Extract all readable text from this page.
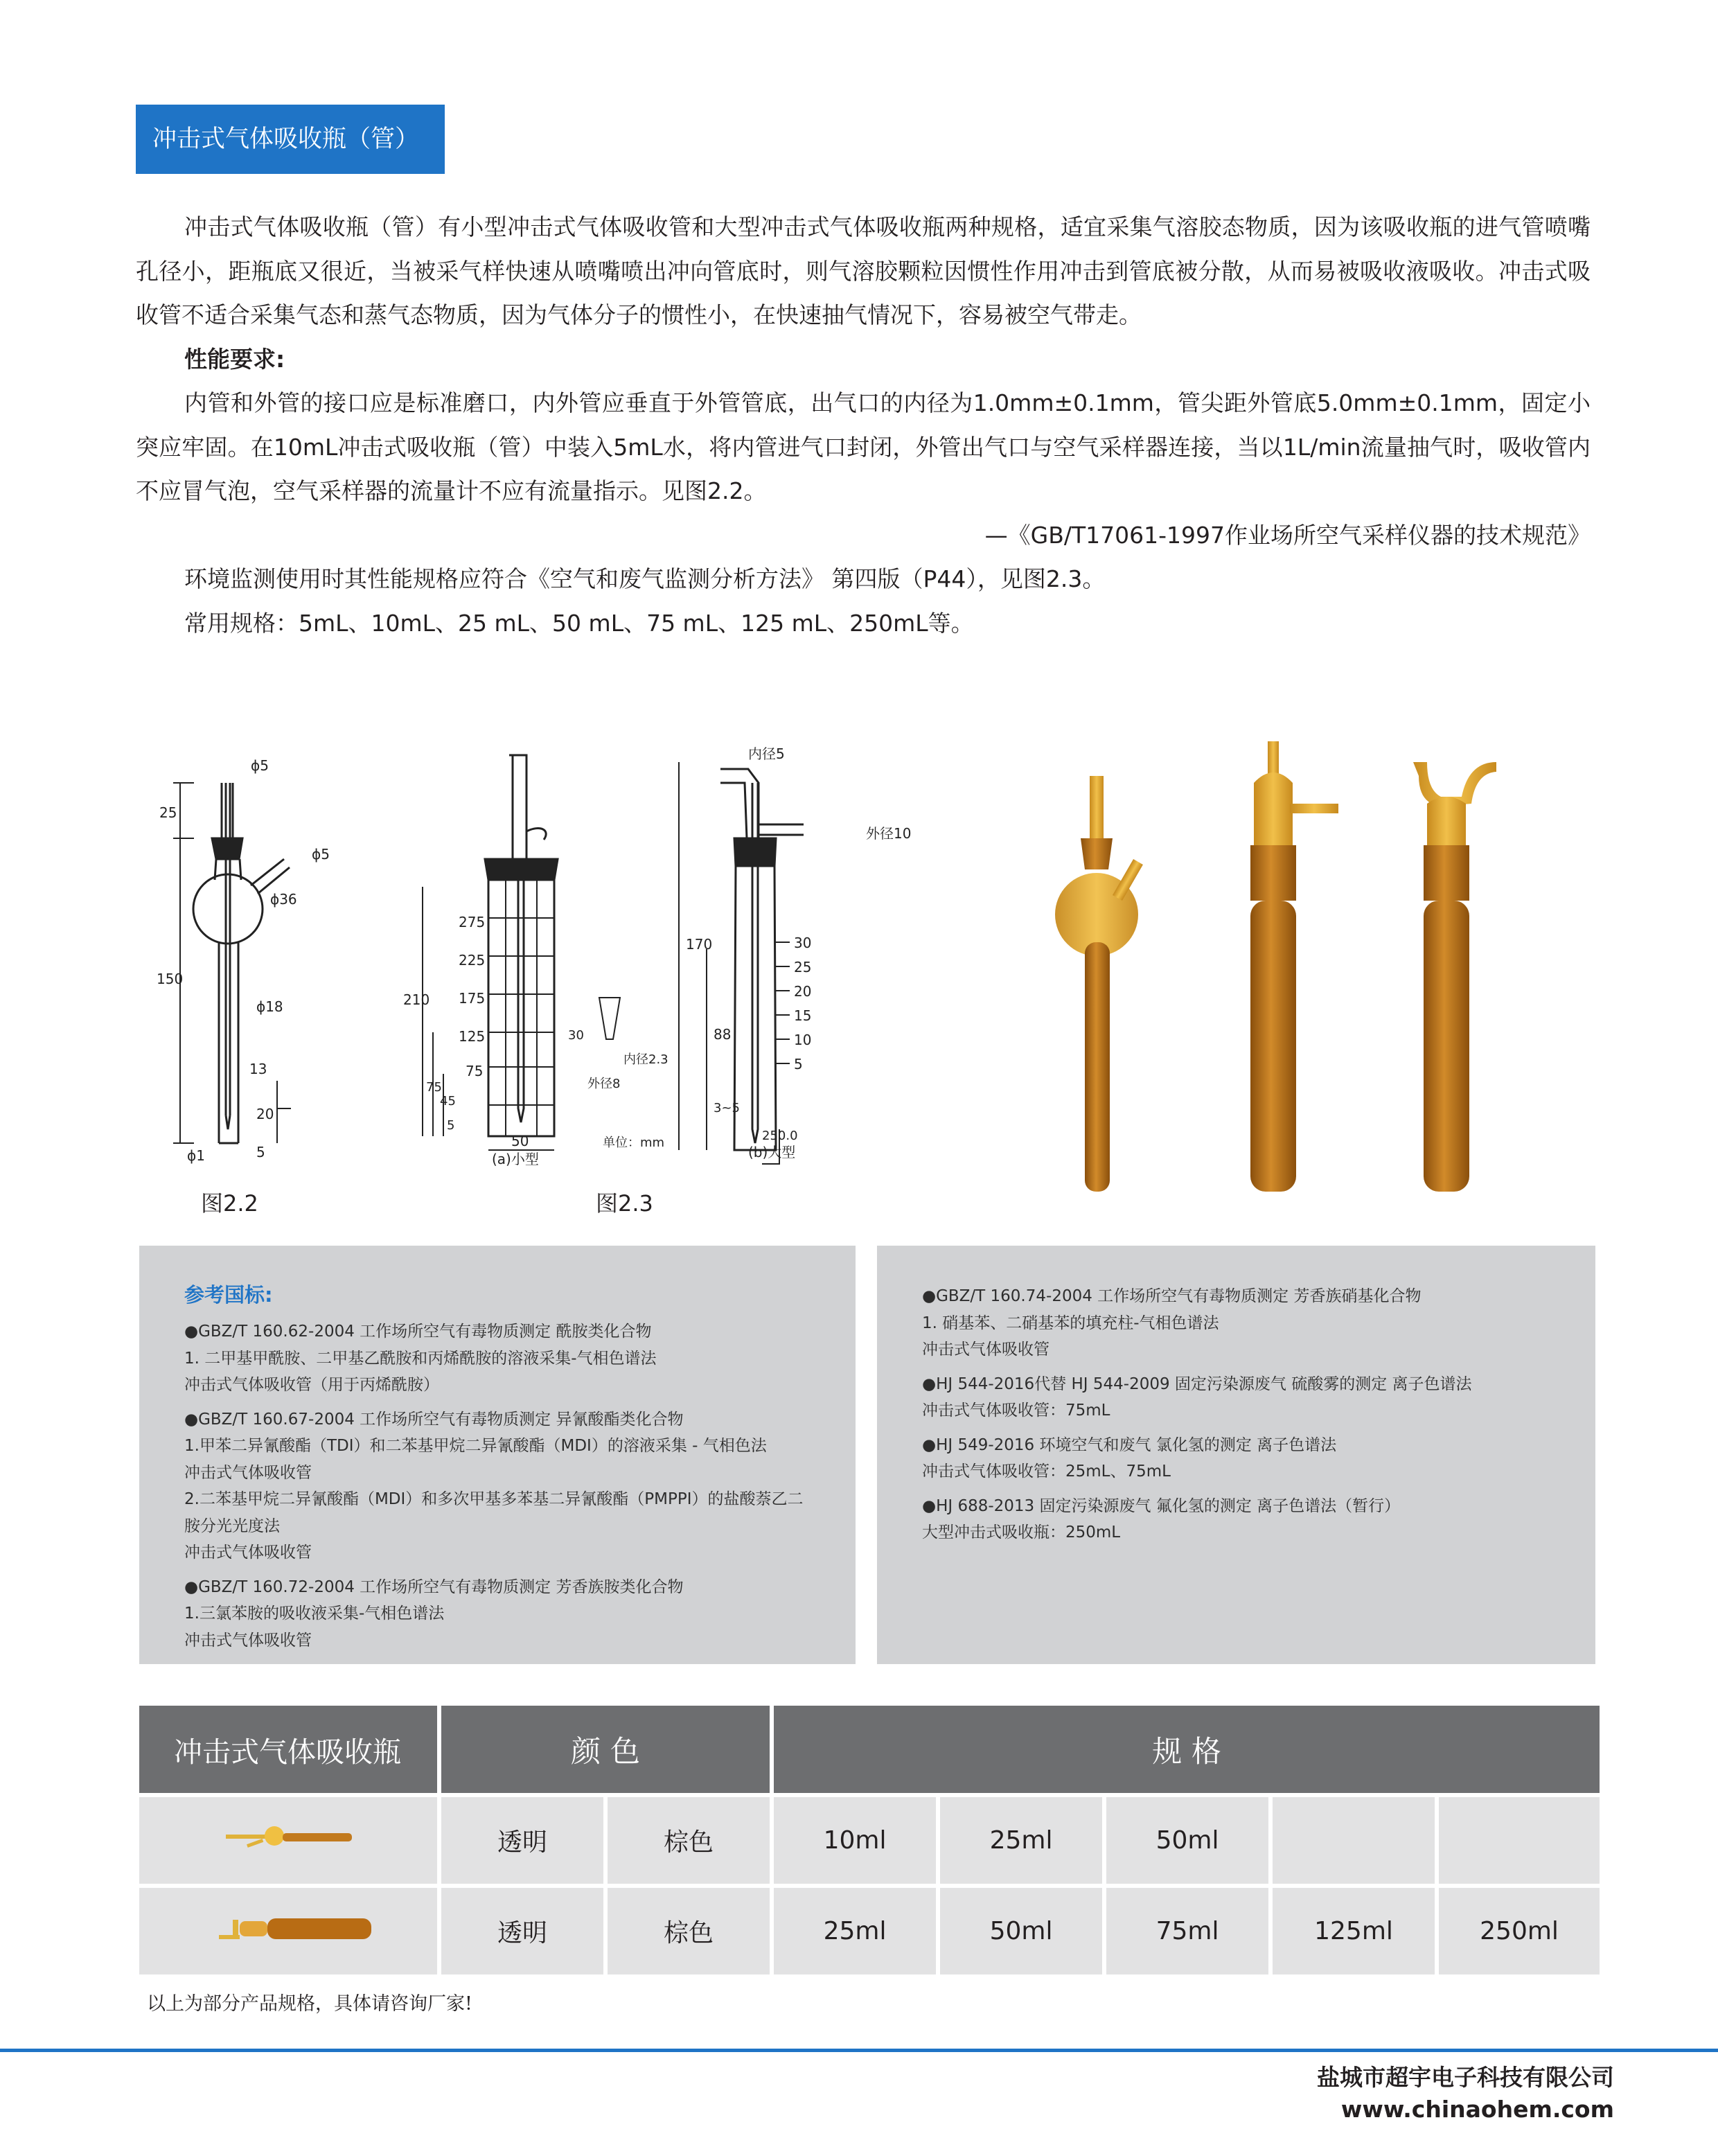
冲击式气体吸收瓶（管）

冲击式气体吸收瓶（管）有小型冲击式气体吸收管和大型冲击式气体吸收瓶两种规格，适宜采集气溶胶态物质，因为该吸收瓶的进气管喷嘴孔径小，距瓶底又很近，当被采气样快速从喷嘴喷出冲向管底时，则气溶胶颗粒因惯性作用冲击到管底被分散，从而易被吸收液吸收。冲击式吸收管不适合采集气态和蒸气态物质，因为气体分子的惯性小，在快速抽气情况下，容易被空气带走。

性能要求:

内管和外管的接口应是标准磨口，内外管应垂直于外管管底，出气口的内径为1.0mm±0.1mm，管尖距外管底5.0mm±0.1mm，固定小突应牢固。在10mL冲击式吸收瓶（管）中装入5mL水，将内管进气口封闭，外管出气口与空气采样器连接，当以1L/min流量抽气时，吸收管内不应冒气泡，空气采样器的流量计不应有流量指示。见图2.2。

—《GB/T17061-1997作业场所空气采样仪器的技术规范》

环境监测使用时其性能规格应符合《空气和废气监测分析方法》 第四版（P44），见图2.3。

常用规格：5mL、10mL、25 mL、50 mL、75 mL、125 mL、250mL等。

ϕ5
25
ϕ5
ϕ36
150
ϕ18
13
20
5
ϕ1
图2.2
275
225
175
125
75
210
75
45
5
50
(a)小型
30
内径2.3
外径8
单位：mm
30
25
20
15
10
5
内径5
外径10
170
88
3~5
250.0
(b)大型
图2.3
参考国标:
●GBZ/T 160.62-2004 工作场所空气有毒物质测定 酰胺类化合物
1. 二甲基甲酰胺、二甲基乙酰胺和丙烯酰胺的溶液采集-气相色谱法
冲击式气体吸收管（用于丙烯酰胺）
●GBZ/T 160.67-2004 工作场所空气有毒物质测定 异氰酸酯类化合物
1.甲苯二异氰酸酯（TDI）和二苯基甲烷二异氰酸酯（MDI）的溶液采集 - 气相色法
冲击式气体吸收管
2.二苯基甲烷二异氰酸酯（MDI）和多次甲基多苯基二异氰酸酯（PMPPI）的盐酸萘乙二胺分光光度法
冲击式气体吸收管
●GBZ/T 160.72-2004 工作场所空气有毒物质测定 芳香族胺类化合物
1.三氯苯胺的吸收液采集-气相色谱法
冲击式气体吸收管
●GBZ/T 160.74-2004 工作场所空气有毒物质测定 芳香族硝基化合物
1. 硝基苯、二硝基苯的填充柱-气相色谱法
冲击式气体吸收管
●HJ 544-2016代替 HJ 544-2009 固定污染源废气 硫酸雾的测定 离子色谱法
冲击式气体吸收管：75mL
●HJ 549-2016 环境空气和废气 氯化氢的测定 离子色谱法
冲击式气体吸收管：25mL、75mL
●HJ 688-2013 固定污染源废气 氟化氢的测定 离子色谱法（暂行）
大型冲击式吸收瓶：250mL
冲击式气体吸收瓶	颜 色		规 格				
	透明	棕色	10ml	25ml	50ml		
	透明	棕色	25ml	50ml	75ml	125ml	250ml
以上为部分产品规格，具体请咨询厂家!
盐城市超宇电子科技有限公司
www.chinaohem.com
